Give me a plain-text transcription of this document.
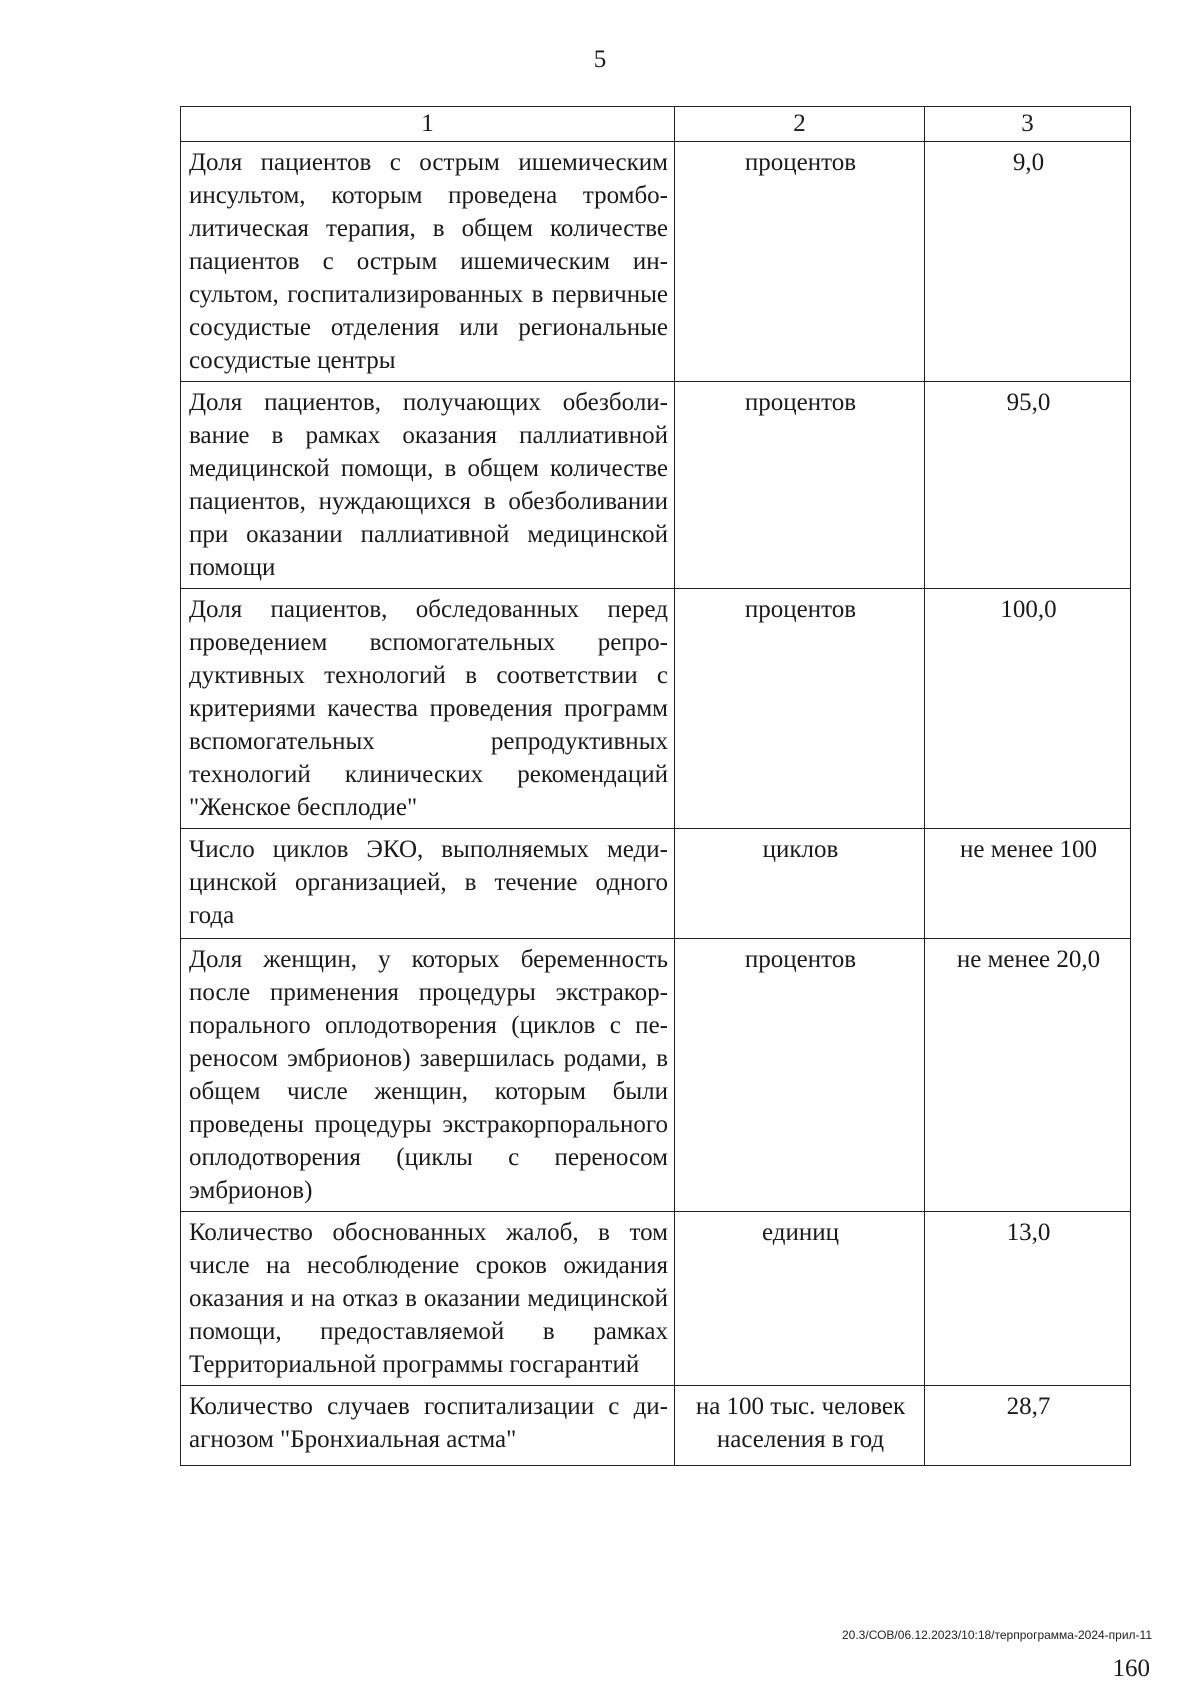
5
1	2	3
Доля пациентов с острым ишемическим инсультом, которым проведена тромболитическая терапия, в общем количестве пациентов с острым ишемическим инсультом, госпитализированных в первичные сосудистые отделения или региональные сосудистые центры	процентов	9,0
Доля пациентов, получающих обезболивание в рамках оказания паллиативной медицинской помощи, в общем количестве пациентов, нуждающихся в обезболивании при оказании паллиативной медицинской помощи	процентов	95,0
Доля пациентов, обследованных перед проведением вспомогательных репродуктивных технологий в соответствии с критериями качества проведения программ вспомогательных репродуктивных технологий клинических рекомендаций "Женское бесплодие"	процентов	100,0
Число циклов ЭКО, выполняемых медицинской организацией, в течение одного года	циклов	не менее 100
Доля женщин, у которых беременность после применения процедуры экстракорпорального оплодотворения (циклов с переносом эмбрионов) завершилась родами, в общем числе женщин, которым были проведены процедуры экстракорпорального оплодотворения (циклы с переносом эмбрионов)	процентов	не менее 20,0
Количество обоснованных жалоб, в том числе на несоблюдение сроков ожидания оказания и на отказ в оказании медицинской помощи, предоставляемой в рамках Территориальной программы госгарантий	единиц	13,0
Количество случаев госпитализации с диагнозом "Бронхиальная астма"	на 100 тыс. человек населения в год	28,7
20.3/СОВ/06.12.2023/10:18/терпрограмма-2024-прил-11
160
